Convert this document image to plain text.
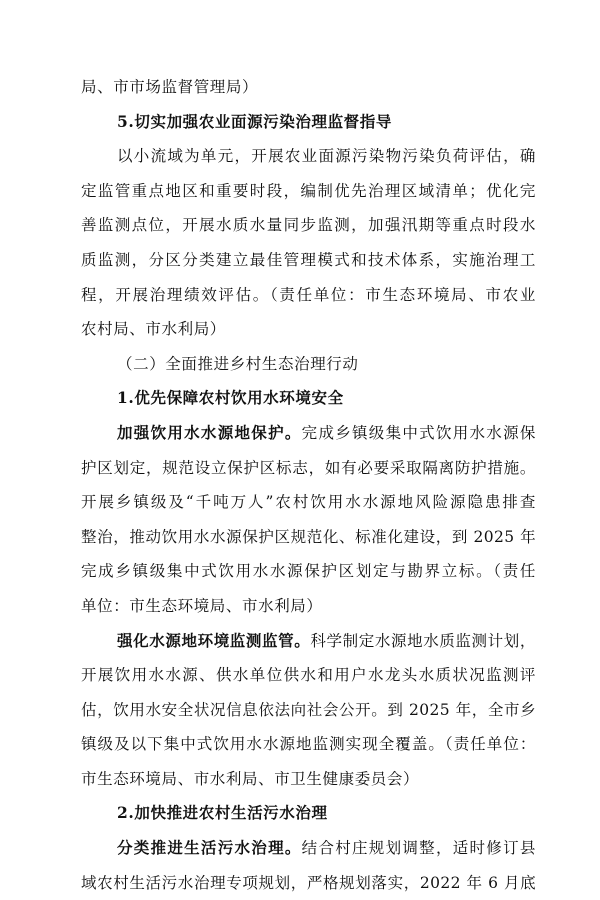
局、市市场监督管理局）
5.切实加强农业面源污染治理监督指导
以小流域为单元，开展农业面源污染物污染负荷评估，确
定监管重点地区和重要时段，编制优先治理区域清单；优化完
善监测点位，开展水质水量同步监测，加强汛期等重点时段水
质监测，分区分类建立最佳管理模式和技术体系，实施治理工
程，开展治理绩效评估。（责任单位：市生态环境局、市农业
农村局、市水利局）
（二）全面推进乡村生态治理行动
1.优先保障农村饮用水环境安全
加强饮用水水源地保护。完成乡镇级集中式饮用水水源保
护区划定，规范设立保护区标志，如有必要采取隔离防护措施。
开展乡镇级及“千吨万人”农村饮用水水源地风险源隐患排查
整治，推动饮用水水源保护区规范化、标准化建设，到 2025 年
完成乡镇级集中式饮用水水源保护区划定与勘界立标。（责任
单位：市生态环境局、市水利局）
强化水源地环境监测监管。科学制定水源地水质监测计划，
开展饮用水水源、供水单位供水和用户水龙头水质状况监测评
估，饮用水安全状况信息依法向社会公开。到 2025 年，全市乡
镇级及以下集中式饮用水水源地监测实现全覆盖。（责任单位：
市生态环境局、市水利局、市卫生健康委员会）
2.加快推进农村生活污水治理
分类推进生活污水治理。结合村庄规划调整，适时修订县
域农村生活污水治理专项规划，严格规划落实，2022 年 6 月底
